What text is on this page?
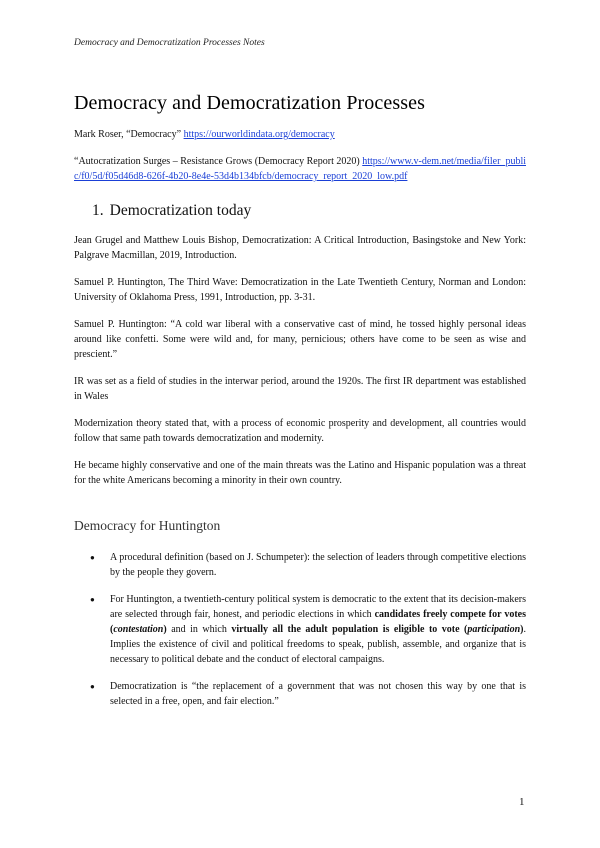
Democracy and Democratization Processes Notes
Democracy and Democratization Processes

Mark Roser, “Democracy” https://ourworldindata.org/democracy

“Autocratization Surges – Resistance Grows (Democracy Report 2020) https://www.v-dem.net/media/filer_public/f0/5d/f05d46d8-626f-4b20-8e4e-53d4b134bfcb/democracy_report_2020_low.pdf

1. Democratization today

Jean Grugel and Matthew Louis Bishop, Democratization: A Critical Introduction, Basingstoke and New York: Palgrave Macmillan, 2019, Introduction.

Samuel P. Huntington, The Third Wave: Democratization in the Late Twentieth Century, Norman and London: University of Oklahoma Press, 1991, Introduction, pp. 3-31.

Samuel P. Huntington: “A cold war liberal with a conservative cast of mind, he tossed highly personal ideas around like confetti. Some were wild and, for many, pernicious; others have come to be seen as wise and prescient.”

IR was set as a field of studies in the interwar period, around the 1920s. The first IR department was established in Wales

Modernization theory stated that, with a process of economic prosperity and development, all countries would follow that same path towards democratization and modernity.

He became highly conservative and one of the main threats was the Latino and Hispanic population was a threat for the white Americans becoming a minority in their own country.

Democracy for Huntington
● A procedural definition (based on J. Schumpeter): the selection of leaders through competitive elections by the people they govern.
● For Huntington, a twentieth-century political system is democratic to the extent that its decision-makers are selected through fair, honest, and periodic elections in which candidates freely compete for votes (contestation) and in which virtually all the adult population is eligible to vote (participation). Implies the existence of civil and political freedoms to speak, publish, assemble, and organize that is necessary to political debate and the conduct of electoral campaigns.
● Democratization is “the replacement of a government that was not chosen this way by one that is selected in a free, open, and fair election.”
1
